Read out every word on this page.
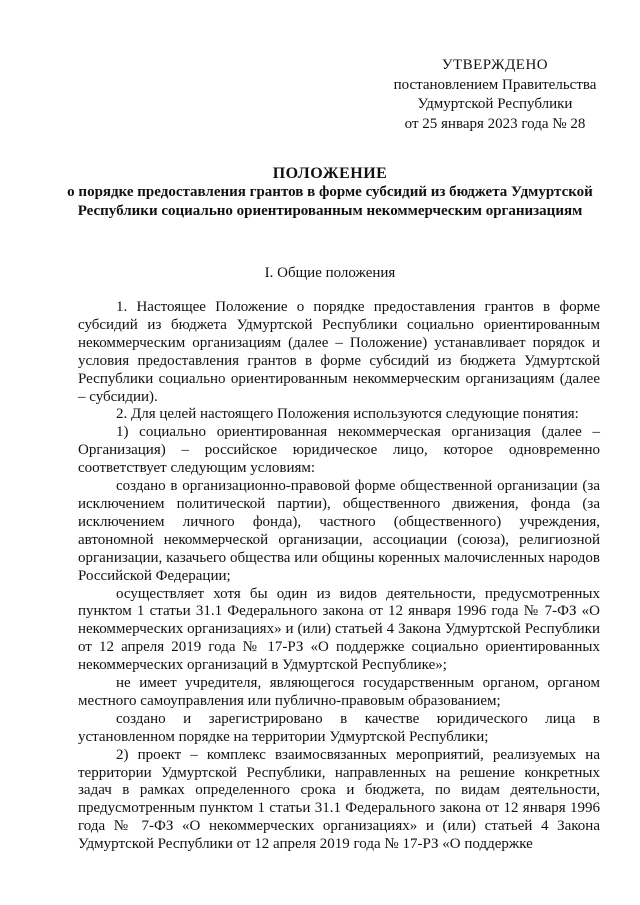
УТВЕРЖДЕНО
постановлением Правительства
Удмуртской Республики
от 25 января 2023 года № 28
ПОЛОЖЕНИЕ
о порядке предоставления грантов в форме субсидий из бюджета Удмуртской Республики социально ориентированным некоммерческим организациям
I. Общие положения

1. Настоящее Положение о порядке предоставления грантов в форме субсидий из бюджета Удмуртской Республики социально ориентированным некоммерческим организациям (далее – Положение) устанавливает порядок и условия предоставления грантов в форме субсидий из бюджета Удмуртской Республики социально ориентированным некоммерческим организациям (далее – субсидии).

2. Для целей настоящего Положения используются следующие понятия:

1) социально ориентированная некоммерческая организация (далее – Организация) – российское юридическое лицо, которое одновременно соответствует следующим условиям:

создано в организационно-правовой форме общественной организации (за исключением политической партии), общественного движения, фонда (за исключением личного фонда), частного (общественного) учреждения, автономной некоммерческой организации, ассоциации (союза), религиозной организации, казачьего общества или общины коренных малочисленных народов Российской Федерации;

осуществляет хотя бы один из видов деятельности, предусмотренных пунктом 1 статьи 31.1 Федерального закона от 12 января 1996 года № 7-ФЗ «О некоммерческих организациях» и (или) статьей 4 Закона Удмуртской Республики от 12 апреля 2019 года № 17-РЗ «О поддержке социально ориентированных некоммерческих организаций в Удмуртской Республике»;

не имеет учредителя, являющегося государственным органом, органом местного самоуправления или публично-правовым образованием;

создано и зарегистрировано в качестве юридического лица в установленном порядке на территории Удмуртской Республики;

2) проект – комплекс взаимосвязанных мероприятий, реализуемых на территории Удмуртской Республики, направленных на решение конкретных задач в рамках определенного срока и бюджета, по видам деятельности, предусмотренным пунктом 1 статьи 31.1 Федерального закона от 12 января 1996 года № 7-ФЗ «О некоммерческих организациях» и (или) статьей 4 Закона Удмуртской Республики от 12 апреля 2019 года № 17-РЗ «О поддержке
